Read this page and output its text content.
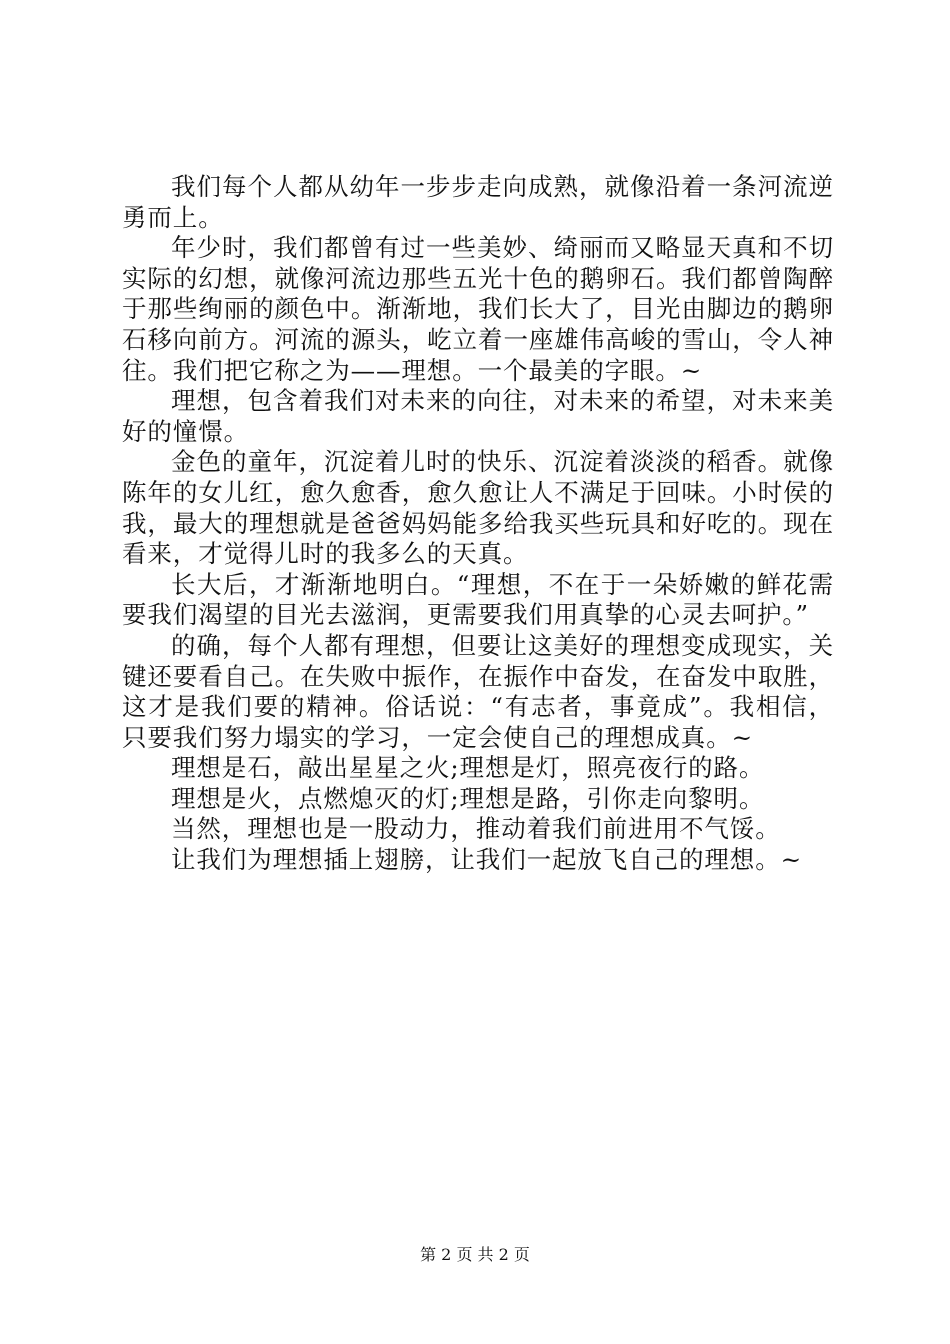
我们每个人都从幼年一步步走向成熟，就像沿着一条河流逆勇而上。

年少时，我们都曾有过一些美妙、绮丽而又略显天真和不切实际的幻想，就像河流边那些五光十色的鹅卵石。我们都曾陶醉于那些绚丽的颜色中。渐渐地，我们长大了，目光由脚边的鹅卵石移向前方。河流的源头，屹立着一座雄伟高峻的雪山，令人神往。我们把它称之为——理想。一个最美的字眼。~

理想，包含着我们对未来的向往，对未来的希望，对未来美好的憧憬。

金色的童年，沉淀着儿时的快乐、沉淀着淡淡的稻香。就像陈年的女儿红，愈久愈香，愈久愈让人不满足于回味。小时侯的我，最大的理想就是爸爸妈妈能多给我买些玩具和好吃的。现在看来，才觉得儿时的我多么的天真。

长大后，才渐渐地明白。“理想，不在于一朵娇嫩的鲜花需要我们渴望的目光去滋润，更需要我们用真挚的心灵去呵护。”

的确，每个人都有理想，但要让这美好的理想变成现实，关键还要看自己。在失败中振作，在振作中奋发，在奋发中取胜，这才是我们要的精神。俗话说：“有志者，事竟成”。我相信，只要我们努力塌实的学习，一定会使自己的理想成真。~

理想是石，敲出星星之火;理想是灯，照亮夜行的路。

理想是火，点燃熄灭的灯;理想是路，引你走向黎明。

当然，理想也是一股动力，推动着我们前进用不气馁。

让我们为理想插上翅膀，让我们一起放飞自己的理想。~

第 2 页 共 2 页
